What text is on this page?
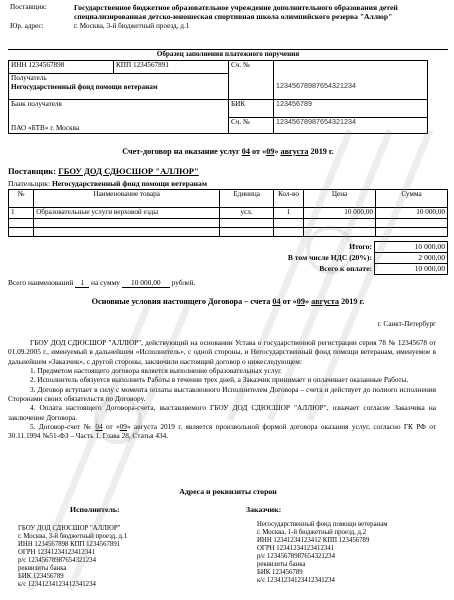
Поставщик:	Государственное бюджетное образовательное учреждение дополнительного образования детей специализированная детско-юношеская спортивная школа олимпийского резерва "Аллюр"
Юр. адрес:	г. Москва, 3-й бюджетный проезд, д.1
Образец заполнения платежного поручения
ИНН 1234567898	КПП 1234567891	Сч. №	

Получатель
Негосударственный фонд помощи ветеранам			12345678987654321234
Банк получателя		БИК	123456789
ПАО «БТВ» г. Москва		Сч. №	12345678987654321234
Счет-договор на оказание услуг 04 от «09» августа 2019 г.
Поставщик: ГБОУ ДОД СДЮСШОР "АЛЛЮР"
Плательщик: Негосударственный фонд помощи ветеранам
№	Наименование товара	Единица	Кол-во	Цена	Сумма
1	Образовательные услуги верховой езды	усл.	1	10 000,00	10 000,00

Итого:	10 000,00
В том числе НДС (20%):	2 000,00
Всего к оплате:	10 000,00
Всего наименований 1 на сумму 10 000,00 рублей.
Основные условия настоящего Договора – счета 04 от «09» августа 2019 г.
г. Санкт-Петербург

ГБОУ ДОД СДЮСШОР "АЛЛЮР", действующий на основании Устава о государственной регистрации серия 78 № 12345678 от 01.09.2005 г., именуемый в дальнейшем «Исполнитель», с одной стороны, и Негосударственный фонд помощи ветеранам, именуемое в дальнейшем «Заказчик», с другой стороны, заключили настоящий договор о нижеследующем:

1. Предметом настоящего договора является выполнение образовательных услуг.

2. Исполнитель обязуется выполнить Работы в течении трех дней, а Заказчик принимает и оплачивает оказанные Работы.

3. Договор вступает в силу с момента оплаты выставленного Исполнителем Договора – счета и действует до полного исполнения Сторонами своих обязательств по Договору.

4. Оплата настоящего Договора-счета, выставляемого ГБОУ ДОД СДЮСШОР "АЛЛЮР", означает согласие Заказчика на заключение Договора.

5. Договор-счет № 04 от «09» августа 2019 г. является произвольной формой договора оказания услуг, согласно ГК РФ от 30.11.1994 №51-ФЗ – Часть 1, Глава 28, Статья 434.

Адреса и реквизиты сторон
Исполнитель:	Заказчик:
ГБОУ ДОД СДЮСШОР "АЛЛЮР"
г. Москва, 3-й бюджетный проезд, д.1
ИНН 1234567898 КПП 1234567891
ОГРН 12341234123412341
р/с 12345678987654321234
реквизиты банка
БИК 123456789
к/с 12341234123412341234
Негосударственный фонд помощи ветеранам
г. Москва, 1-й бюджетный проезд, д.2
ИНН 12341234123412 КПП 123456789
ОГРН 12341234123412341
р/с 12345678987654321234
реквизиты банка
БИК 123456789
к/с 12341234123412341234
